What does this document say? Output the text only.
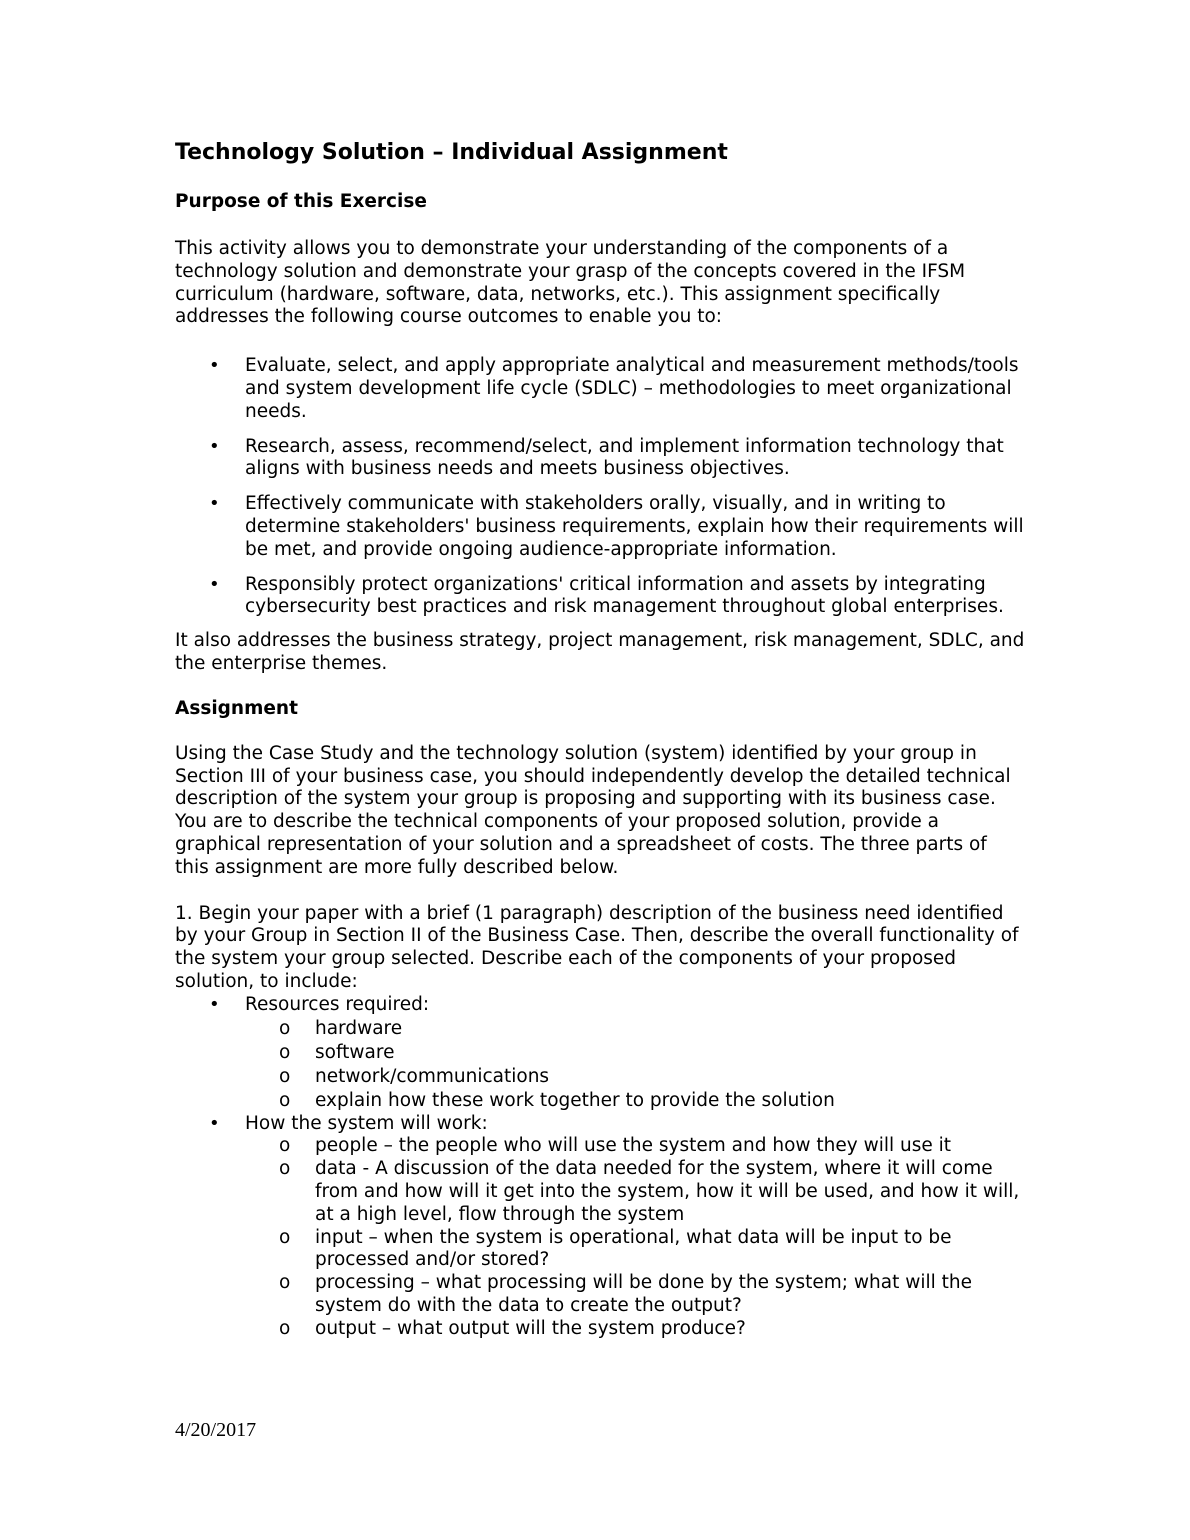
Technology Solution – Individual Assignment
Purpose of this Exercise

This activity allows you to demonstrate your understanding of the components of a technology solution and demonstrate your grasp of the concepts covered in the IFSM curriculum (hardware, software, data, networks, etc.). This assignment specifically addresses the following course outcomes to enable you to:

• Evaluate, select, and apply appropriate analytical and measurement methods/tools and system development life cycle (SDLC) – methodologies to meet organizational needs.
• Research, assess, recommend/select, and implement information technology that aligns with business needs and meets business objectives.
• Effectively communicate with stakeholders orally, visually, and in writing to determine stakeholders' business requirements, explain how their requirements will be met, and provide ongoing audience-appropriate information.
• Responsibly protect organizations' critical information and assets by integrating cybersecurity best practices and risk management throughout global enterprises.

It also addresses the business strategy, project management, risk management, SDLC, and the enterprise themes.

Assignment

Using the Case Study and the technology solution (system) identified by your group in Section III of your business case, you should independently develop the detailed technical description of the system your group is proposing and supporting with its business case. You are to describe the technical components of your proposed solution, provide a graphical representation of your solution and a spreadsheet of costs. The three parts of this assignment are more fully described below.

1. Begin your paper with a brief (1 paragraph) description of the business need identified by your Group in Section II of the Business Case. Then, describe the overall functionality of the system your group selected. Describe each of the components of your proposed solution, to include:

• Resources required:
o hardware
o software
o network/communications
o explain how these work together to provide the solution
• How the system will work:
o people – the people who will use the system and how they will use it
o data - A discussion of the data needed for the system, where it will come from and how will it get into the system, how it will be used, and how it will, at a high level, flow through the system
o input – when the system is operational, what data will be input to be processed and/or stored?
o processing – what processing will be done by the system; what will the system do with the data to create the output?
o output – what output will the system produce?
4/20/2017
